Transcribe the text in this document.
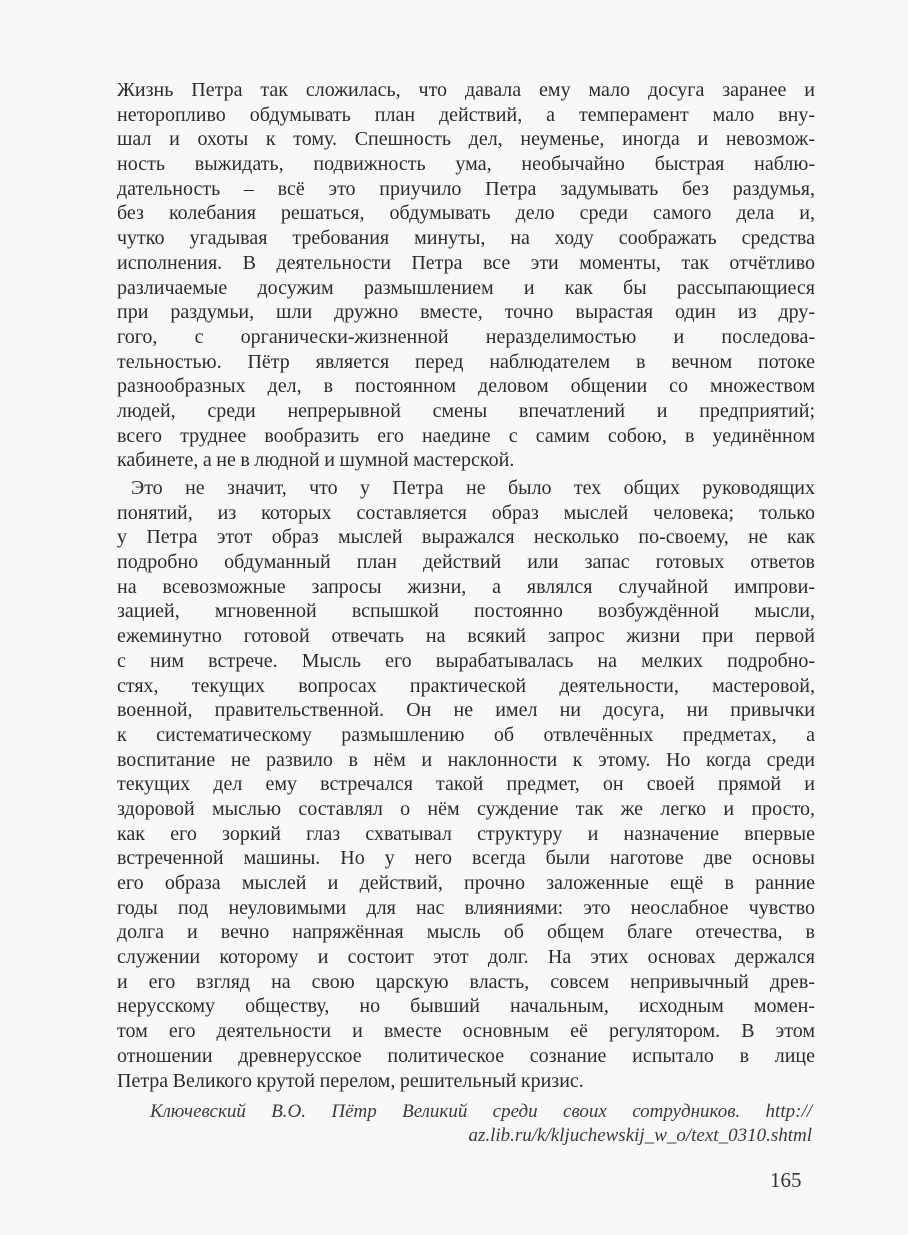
Жизнь Петра так сложилась, что давала ему мало досуга заранее и
неторопливо обдумывать план действий, а темперамент мало вну-
шал и охоты к тому. Спешность дел, неуменье, иногда и невозмож-
ность выжидать, подвижность ума, необычайно быстрая наблю-
дательность – всё это приучило Петра задумывать без раздумья,
без колебания решаться, обдумывать дело среди самого дела и,
чутко угадывая требования минуты, на ходу соображать средства
исполнения. В деятельности Петра все эти моменты, так отчётливо
различаемые досужим размышлением и как бы рассыпающиеся
при раздумьи, шли дружно вместе, точно вырастая один из дру-
гого, с органически-жизненной неразделимостью и последова-
тельностью. Пётр является перед наблюдателем в вечном потоке
разнообразных дел, в постоянном деловом общении со множеством
людей, среди непрерывной смены впечатлений и предприятий;
всего труднее вообразить его наедине с самим собою, в уединённом
кабинете, а не в людной и шумной мастерской.
Это не значит, что у Петра не было тех общих руководящих
понятий, из которых составляется образ мыслей человека; только
у Петра этот образ мыслей выражался несколько по-своему, не как
подробно обдуманный план действий или запас готовых ответов
на всевозможные запросы жизни, а являлся случайной импрови-
зацией, мгновенной вспышкой постоянно возбуждённой мысли,
ежеминутно готовой отвечать на всякий запрос жизни при первой
с ним встрече. Мысль его вырабатывалась на мелких подробно-
стях, текущих вопросах практической деятельности, мастеровой,
военной, правительственной. Он не имел ни досуга, ни привычки
к систематическому размышлению об отвлечённых предметах, а
воспитание не развило в нём и наклонности к этому. Но когда среди
текущих дел ему встречался такой предмет, он своей прямой и
здоровой мыслью составлял о нём суждение так же легко и просто,
как его зоркий глаз схватывал структуру и назначение впервые
встреченной машины. Но у него всегда были наготове две основы
его образа мыслей и действий, прочно заложенные ещё в ранние
годы под неуловимыми для нас влияниями: это неослабное чувство
долга и вечно напряжённая мысль об общем благе отечества, в
служении которому и состоит этот долг. На этих основах держался
и его взгляд на свою царскую власть, совсем непривычный древ-
нерусскому обществу, но бывший начальным, исходным момен-
том его деятельности и вместе основным её регулятором. В этом
отношении древнерусское политическое сознание испытало в лице
Петра Великого крутой перелом, решительный кризис.
Ключевский В.О. Пётр Великий среди своих сотрудников. http://
az.lib.ru/k/kljuchewskij_w_o/text_0310.shtml
165
